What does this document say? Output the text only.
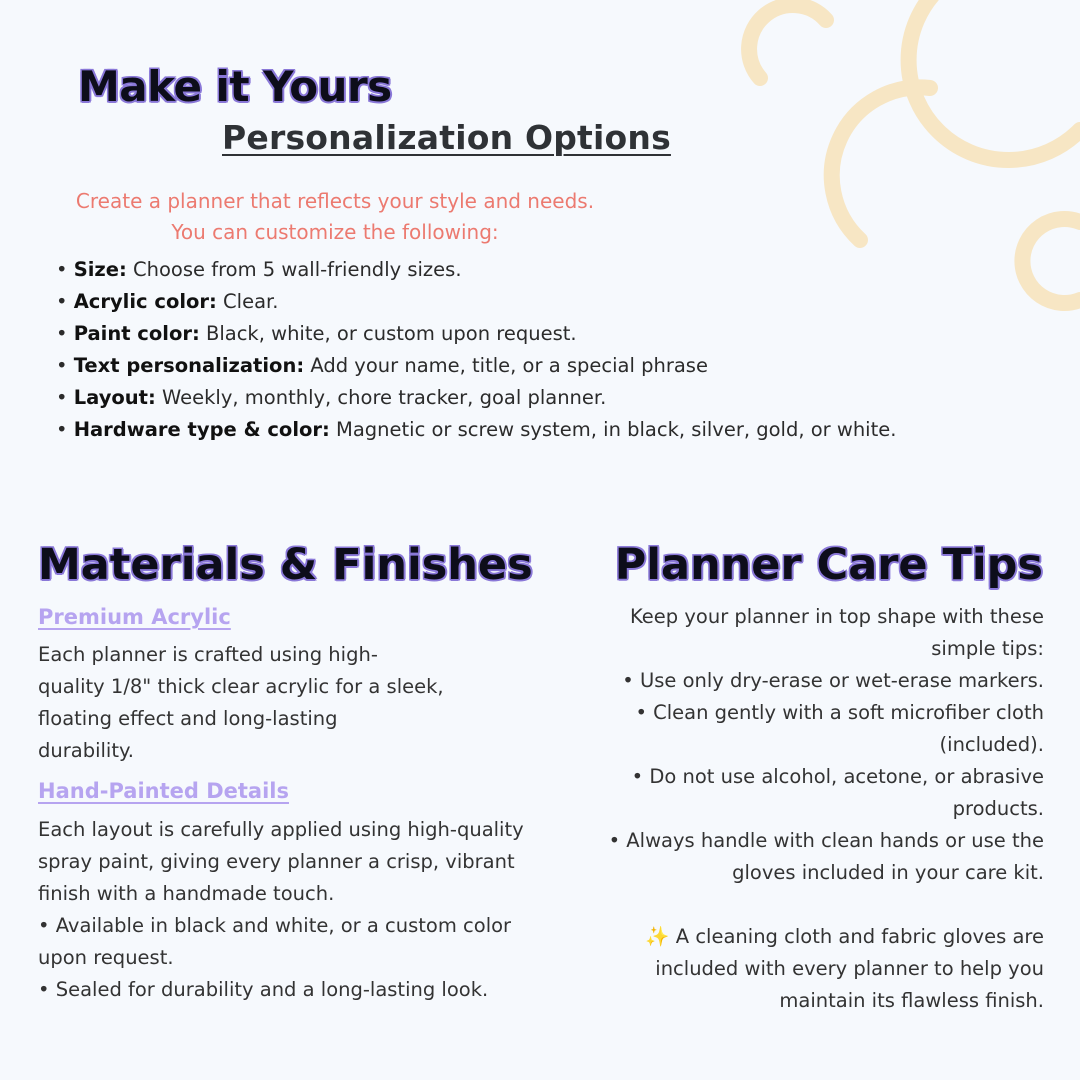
Make it Yours
Personalization Options

Create a planner that reflects your style and needs.

You can customize the following:

• Size: Choose from 5 wall-friendly sizes.
• Acrylic color: Clear.
• Paint color: Black, white, or custom upon request.
• Text personalization: Add your name, title, or a special phrase
• Layout: Weekly, monthly, chore tracker, goal planner.
• Hardware type & color: Magnetic or screw system, in black, silver, gold, or white.
Materials & Finishes

Premium Acrylic

Each planner is crafted using high-
quality 1/8" thick clear acrylic for a sleek,
floating effect and long-lasting
durability.

Hand-Painted Details

Each layout is carefully applied using high-quality
spray paint, giving every planner a crisp, vibrant
finish with a handmade touch.
• Available in black and white, or a custom color
upon request.
• Sealed for durability and a long-lasting look.

Planner Care Tips
Keep your planner in top shape with these
simple tips:
• Use only dry-erase or wet-erase markers.
• Clean gently with a soft microfiber cloth
(included).
• Do not use alcohol, acetone, or abrasive
products.
• Always handle with clean hands or use the
gloves included in your care kit.
✨ A cleaning cloth and fabric gloves are
included with every planner to help you
maintain its flawless finish.
